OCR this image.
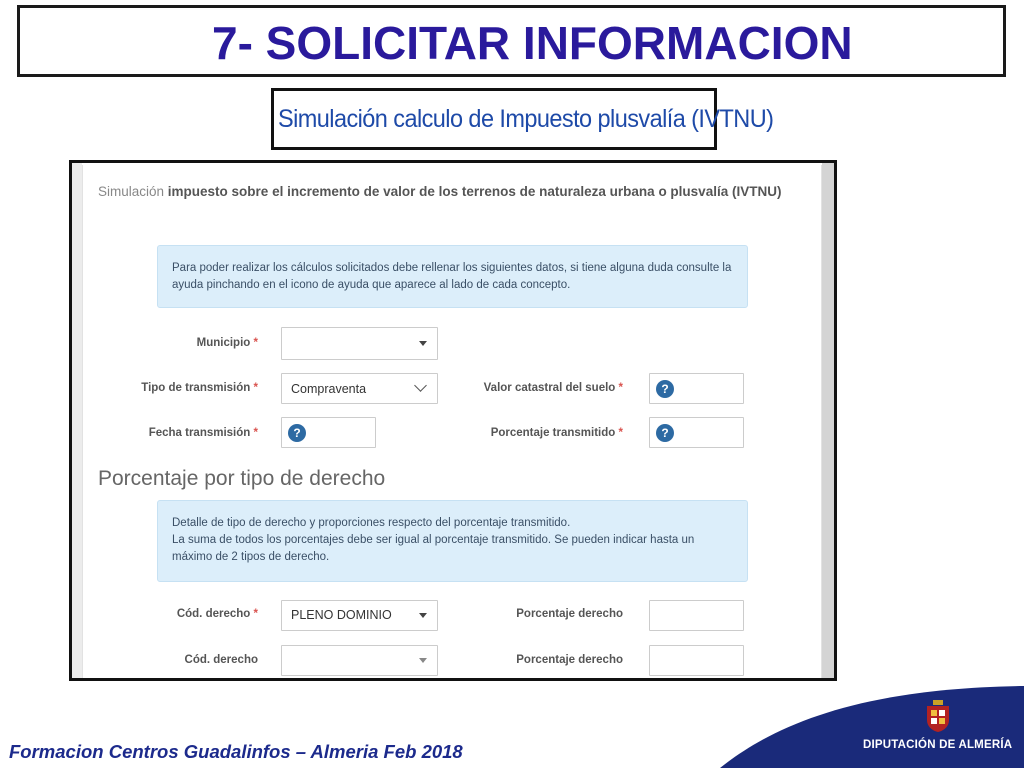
7- SOLICITAR INFORMACION
Simulación calculo de Impuesto plusvalía (IVTNU)
Simulación impuesto sobre el incremento de valor de los terrenos de naturaleza urbana o plusvalía (IVTNU)
Para poder realizar los cálculos solicitados debe rellenar los siguientes datos, si tiene alguna duda consulte la ayuda pinchando en el icono de ayuda que aparece al lado de cada concepto.
Municipio *
Tipo de transmisión *	Compraventa	Valor catastral del suelo *	?
Fecha transmisión *	?	Porcentaje transmitido *	?
Porcentaje por tipo de derecho
Detalle de tipo de derecho y proporciones respecto del porcentaje transmitido.
La suma de todos los porcentajes debe ser igual al porcentaje transmitido. Se pueden indicar hasta un máximo de 2 tipos de derecho.
Cód. derecho *	PLENO DOMINIO	Porcentaje derecho
Cód. derecho	Porcentaje derecho
Formacion Centros Guadalinfos – Almeria Feb 2018	DIPUTACIÓN DE ALMERÍA
